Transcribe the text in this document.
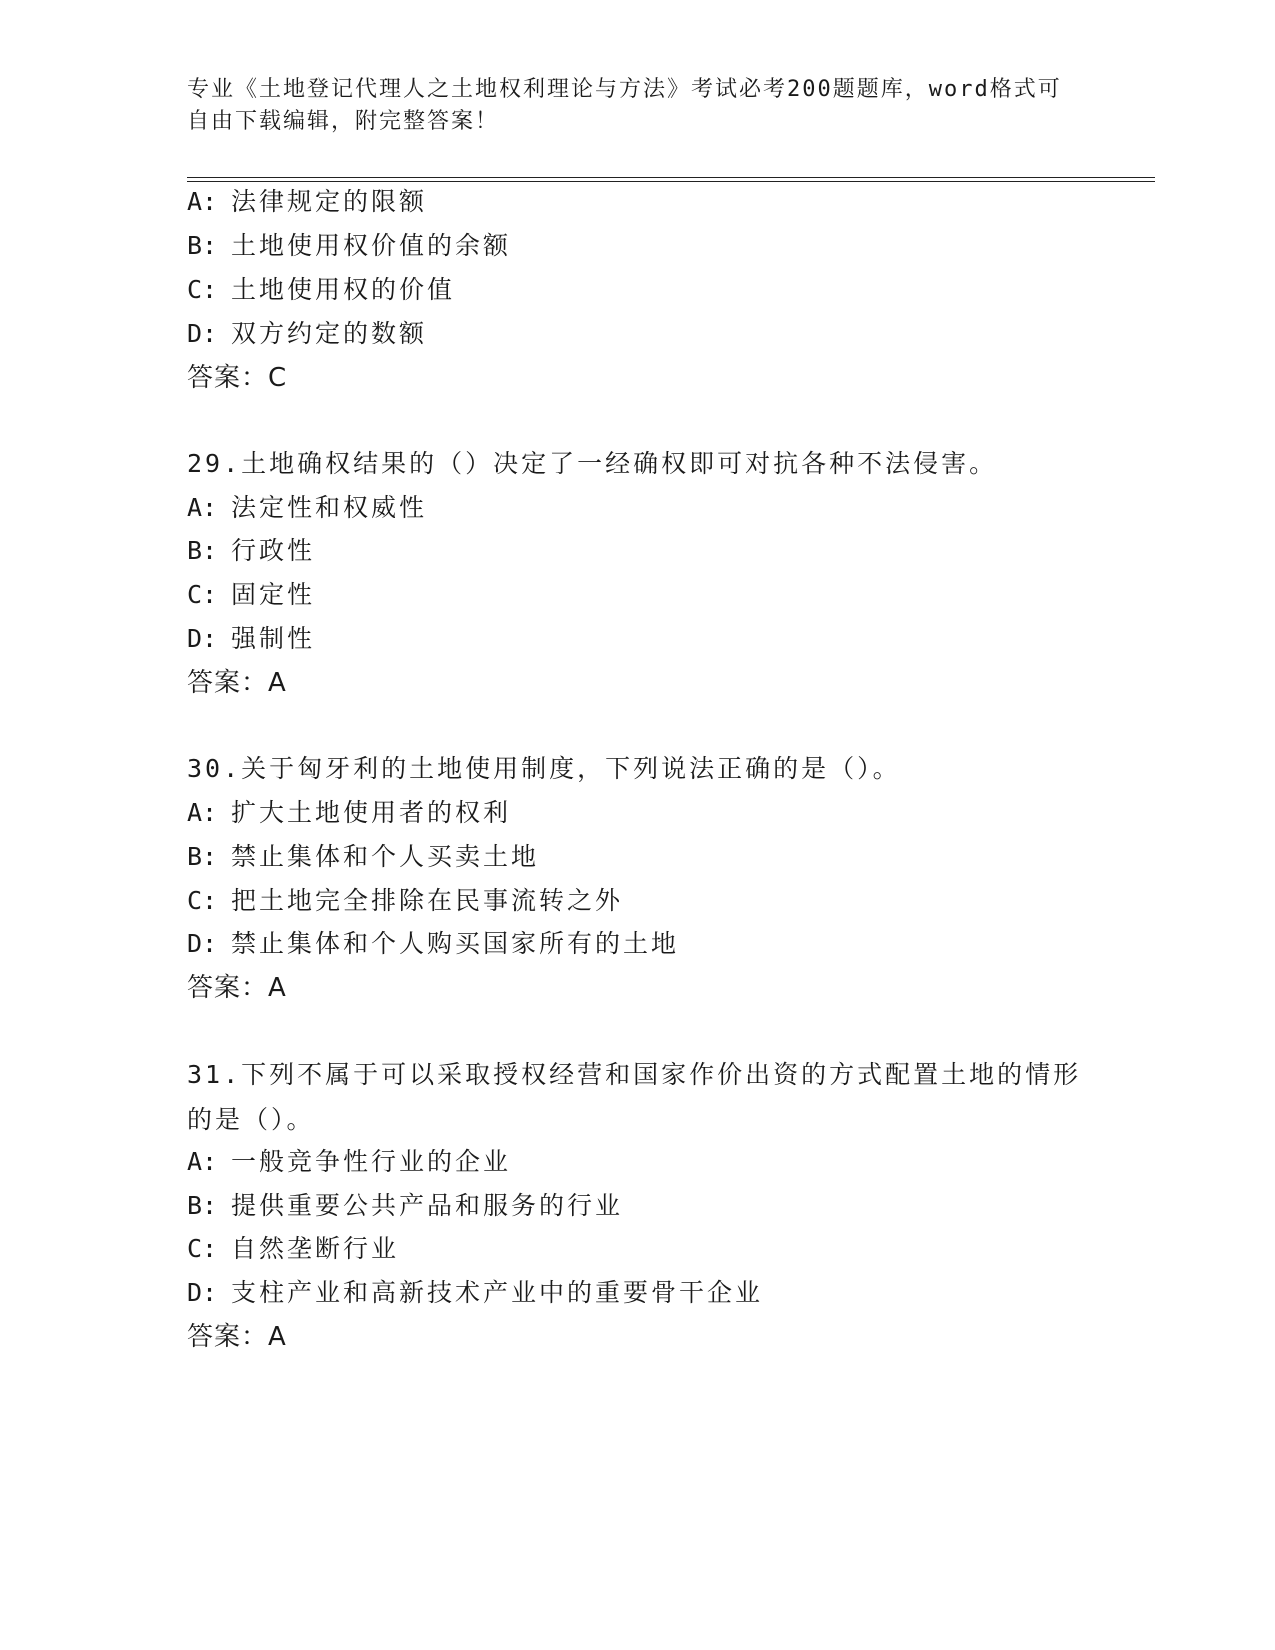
专业《土地登记代理人之土地权利理论与方法》考试必考200题题库，word格式可自由下载编辑，附完整答案！
A: 法律规定的限额
B: 土地使用权价值的余额
C: 土地使用权的价值
D: 双方约定的数额
答案：C
29.土地确权结果的（）决定了一经确权即可对抗各种不法侵害。
A: 法定性和权威性
B: 行政性
C: 固定性
D: 强制性
答案：A
30.关于匈牙利的土地使用制度，下列说法正确的是（）。
A: 扩大土地使用者的权利
B: 禁止集体和个人买卖土地
C: 把土地完全排除在民事流转之外
D: 禁止集体和个人购买国家所有的土地
答案：A
31.下列不属于可以采取授权经营和国家作价出资的方式配置土地的情形的是（）。
A: 一般竞争性行业的企业
B: 提供重要公共产品和服务的行业
C: 自然垄断行业
D: 支柱产业和高新技术产业中的重要骨干企业
答案：A
